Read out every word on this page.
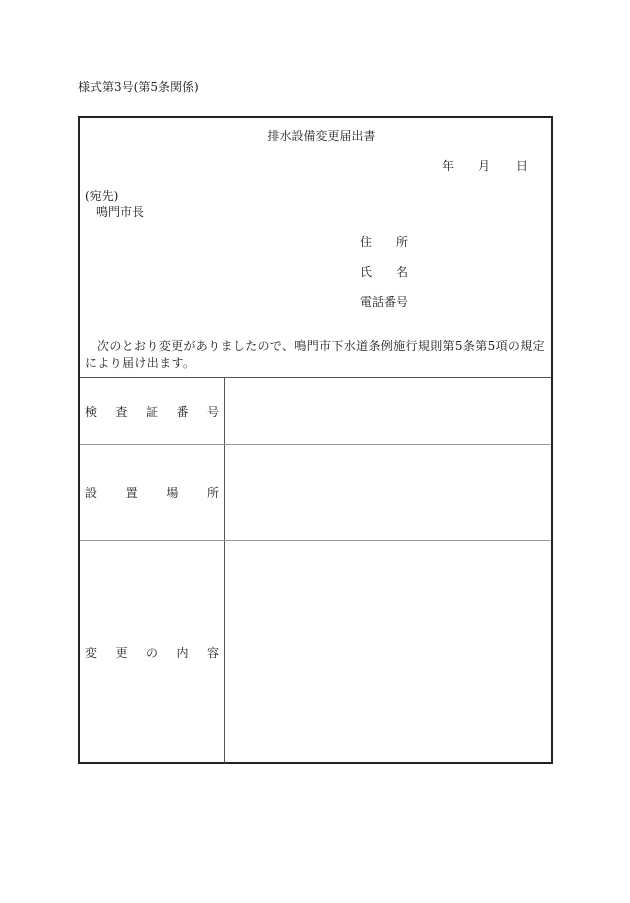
様式第3号(第5条関係)
排水設備変更届出書
年 月 日
(宛先)
鳴門市長
住 所
氏 名
電話番号
次のとおり変更がありましたので、鳴門市下水道条例施行規則第5条第5項の規定により届け出ます。
検 査 証 番 号
設 置 場 所
変 更 の 内 容
